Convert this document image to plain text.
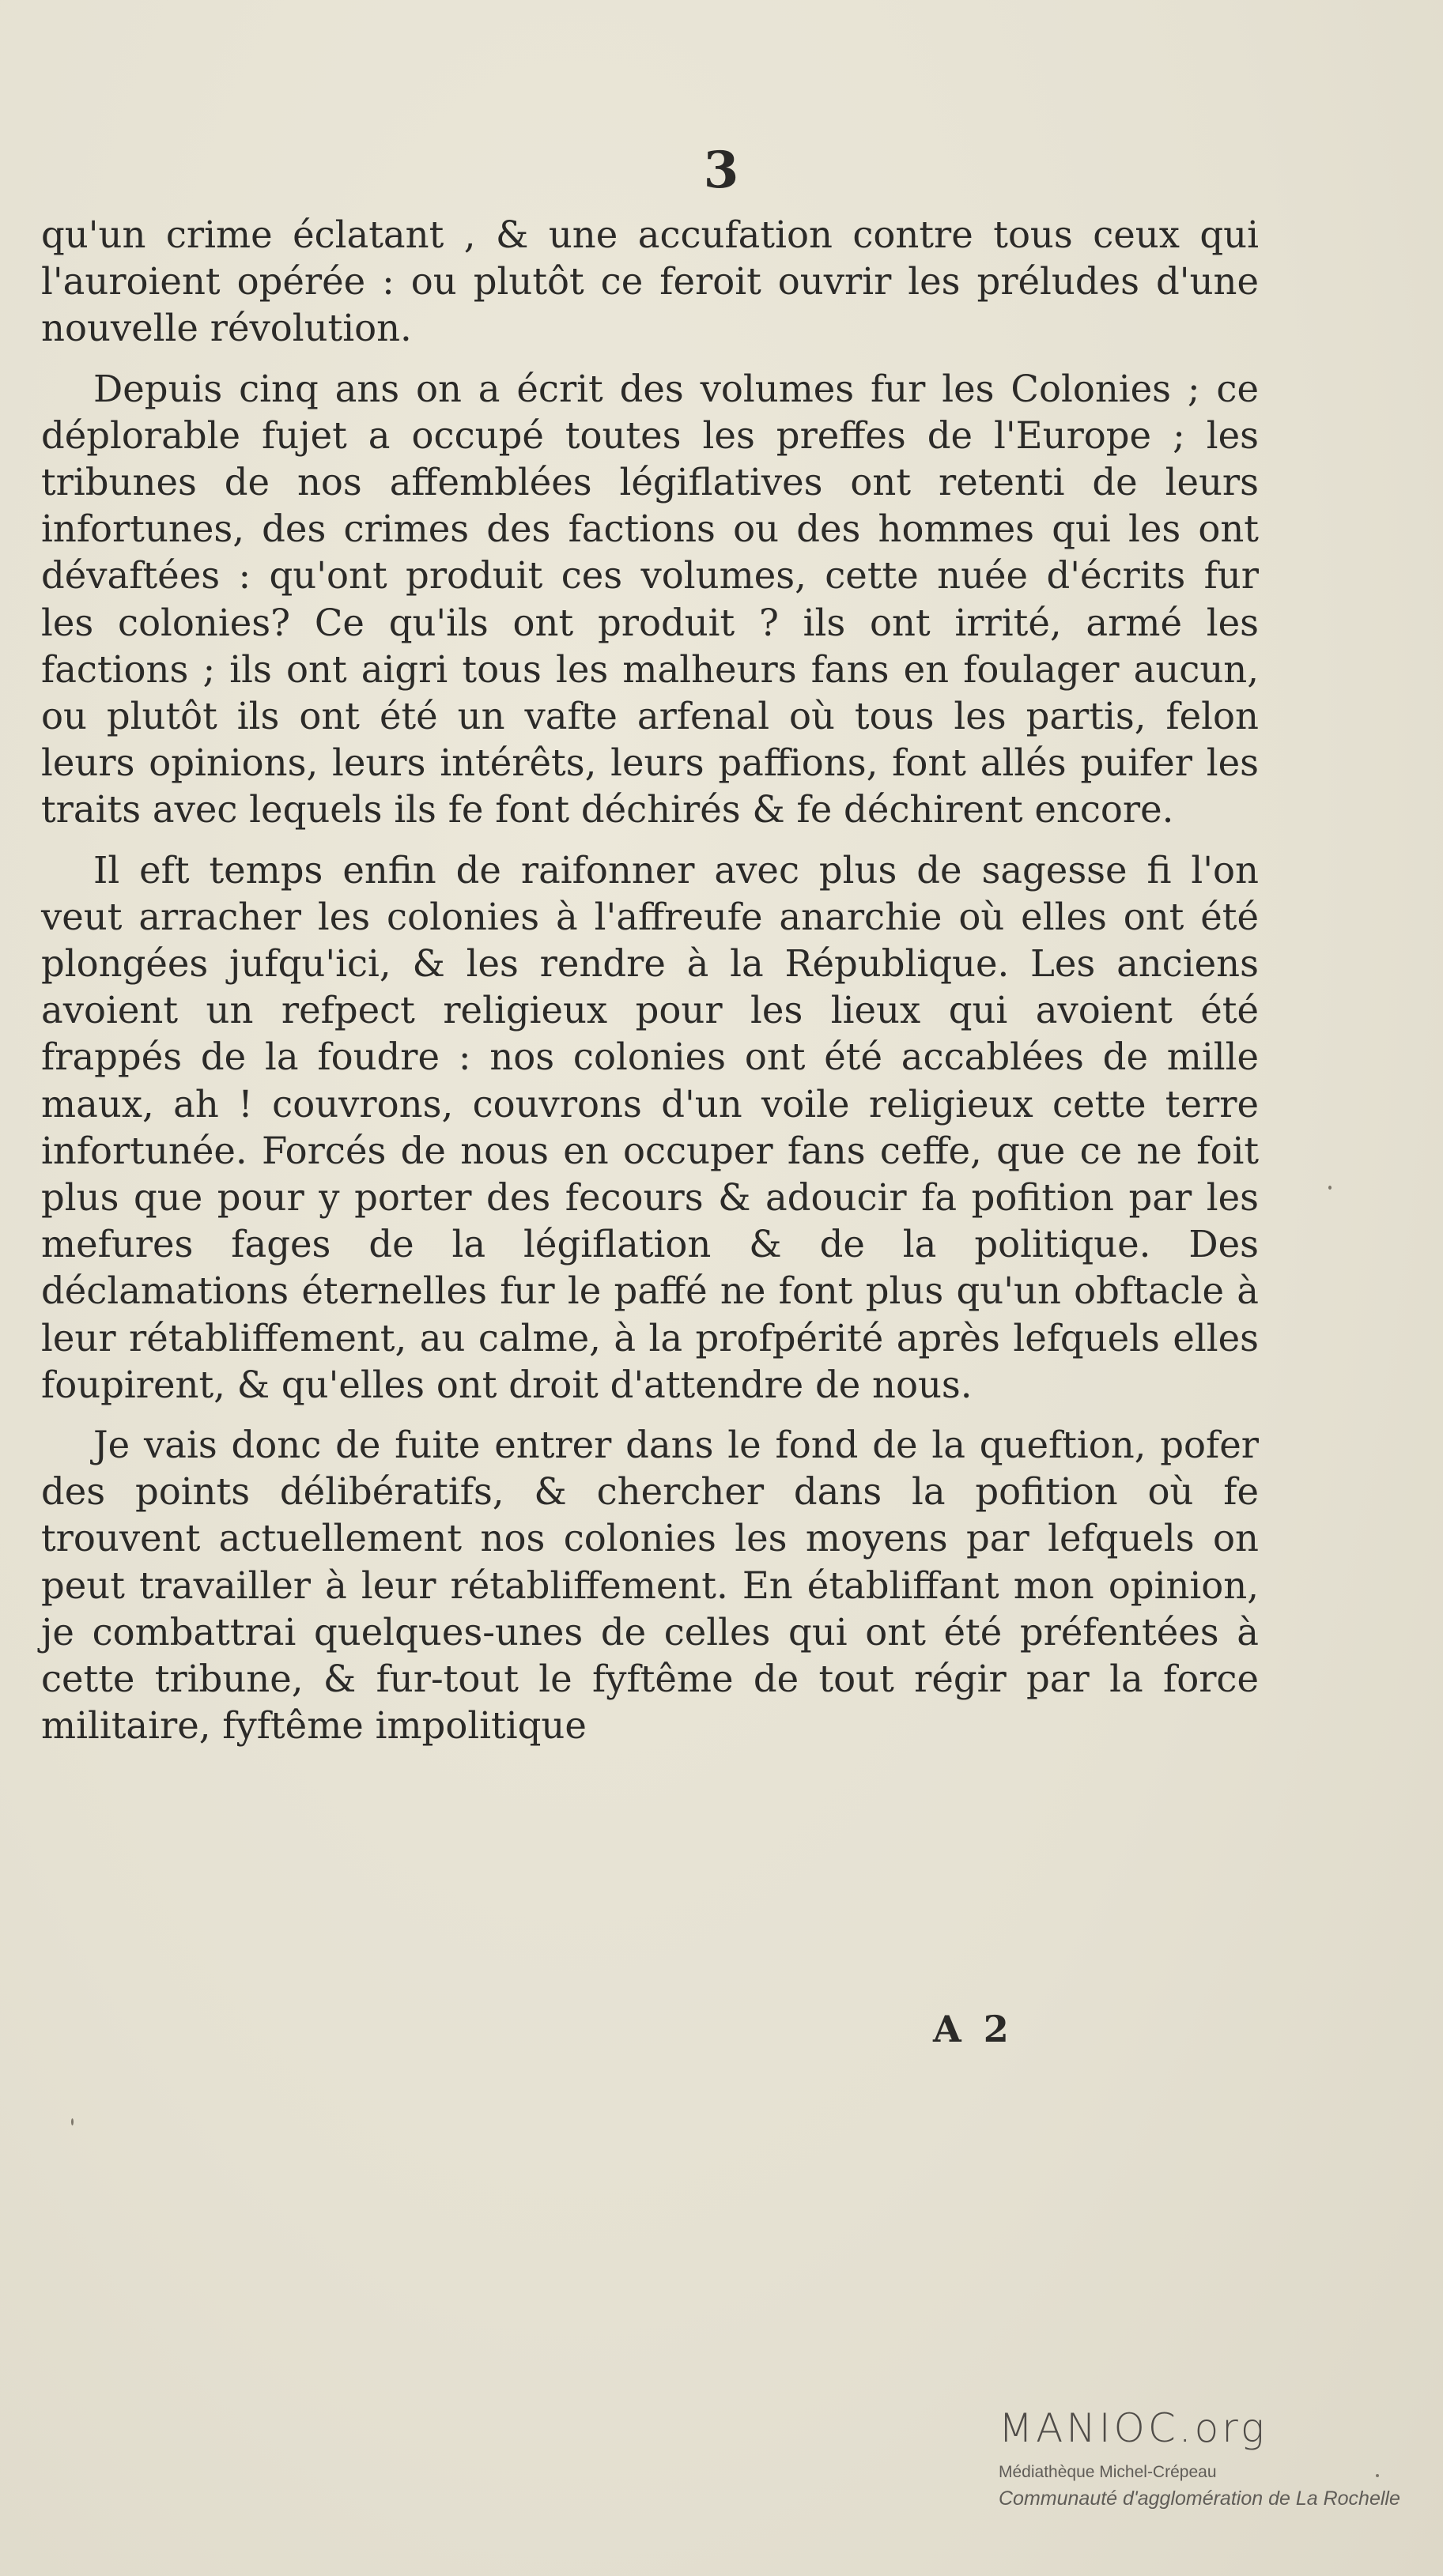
3

qu'un crime éclatant , & une accufation contre tous ceux qui l'auroient opérée : ou plutôt ce feroit ouvrir les préludes d'une nouvelle révolution.

Depuis cinq ans on a écrit des volumes fur les Colonies ; ce déplorable fujet a occupé toutes les preffes de l'Europe ; les tribunes de nos affemblées légiflatives ont retenti de leurs infortunes, des crimes des factions ou des hommes qui les ont dévaftées : qu'ont produit ces volumes, cette nuée d'écrits fur les colonies? Ce qu'ils ont produit ? ils ont irrité, armé les factions ; ils ont aigri tous les malheurs fans en foulager aucun, ou plutôt ils ont été un vafte arfenal où tous les partis, felon leurs opinions, leurs intérêts, leurs paffions, font allés puifer les traits avec lequels ils fe font déchirés & fe déchirent encore.

Il eft temps enfin de raifonner avec plus de sagesse fi l'on veut arracher les colonies à l'affreufe anarchie où elles ont été plongées jufqu'ici, & les rendre à la République. Les anciens avoient un refpect religieux pour les lieux qui avoient été frappés de la foudre : nos colonies ont été accablées de mille maux, ah ! couvrons, couvrons d'un voile religieux cette terre infortunée. Forcés de nous en occuper fans ceffe, que ce ne foit plus que pour y porter des fecours & adoucir fa pofition par les mefures fages de la légiflation & de la politique. Des déclamations éternelles fur le paffé ne font plus qu'un obftacle à leur rétabliffement, au calme, à la profpérité après lefquels elles foupirent, & qu'elles ont droit d'attendre de nous.

Je vais donc de fuite entrer dans le fond de la queftion, pofer des points délibératifs, & chercher dans la pofition où fe trouvent actuellement nos colonies les moyens par lefquels on peut travailler à leur rétabliffement. En établiffant mon opinion, je combattrai quelques-unes de celles qui ont été préfentées à cette tribune, & fur-tout le fyftême de tout régir par la force militaire, fyftême impolitique

A 2
MANIOC.org
Médiathèque Michel-Crépeau
Communauté d'agglomération de La Rochelle
